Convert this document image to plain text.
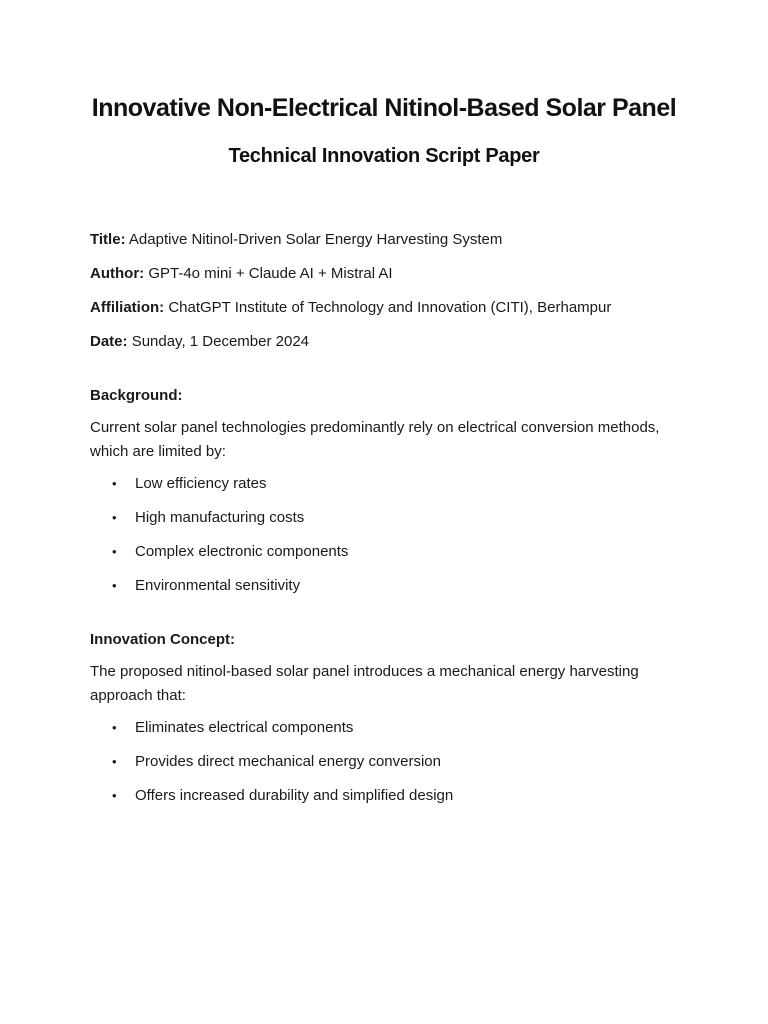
Innovative Non-Electrical Nitinol-Based Solar Panel
Technical Innovation Script Paper

Title: Adaptive Nitinol-Driven Solar Energy Harvesting System

Author: GPT-4o mini + Claude AI + Mistral AI

Affiliation: ChatGPT Institute of Technology and Innovation (CITI), Berhampur

Date: Sunday, 1 December 2024

Background:

Current solar panel technologies predominantly rely on electrical conversion methods, which are limited by:

• Low efficiency rates
• High manufacturing costs
• Complex electronic components
• Environmental sensitivity

Innovation Concept:

The proposed nitinol-based solar panel introduces a mechanical energy harvesting approach that:

• Eliminates electrical components
• Provides direct mechanical energy conversion
• Offers increased durability and simplified design
